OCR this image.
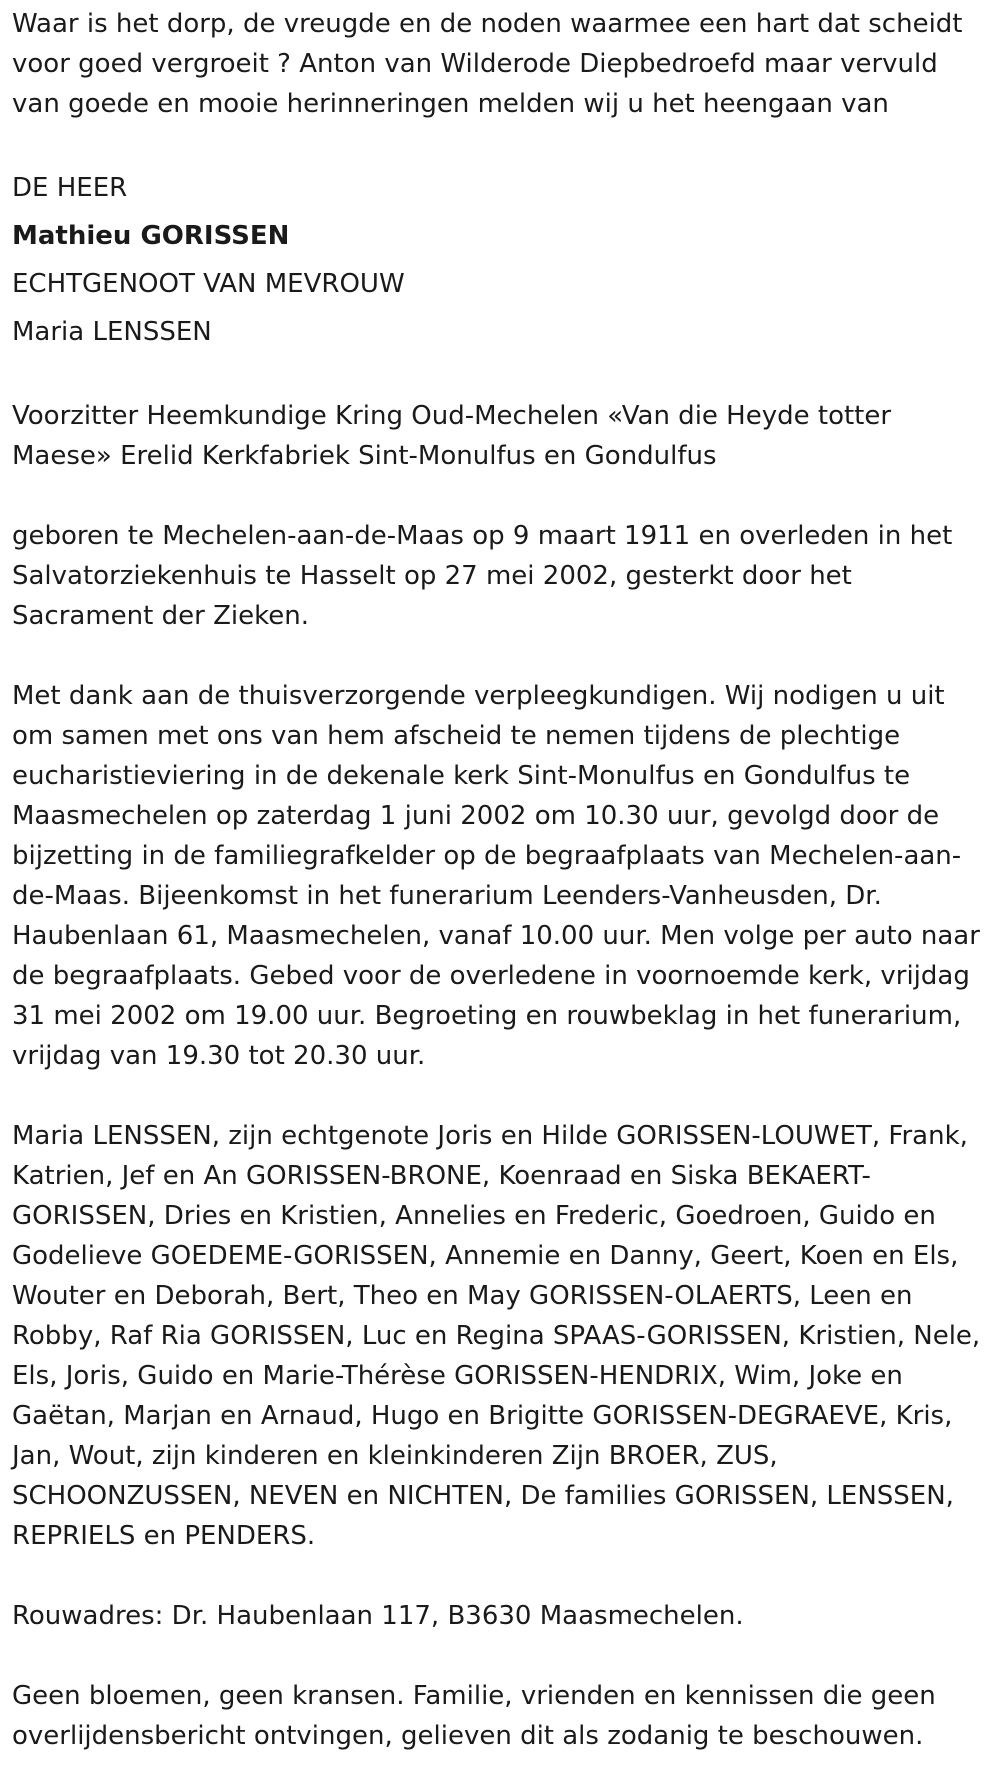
Waar is het dorp, de vreugde en de noden waarmee een hart dat scheidt voor goed vergroeit ? Anton van Wilderode Diepbedroefd maar vervuld van goede en mooie herinneringen melden wij u het heengaan van

DE HEER

Mathieu GORISSEN

ECHTGENOOT VAN MEVROUW

Maria LENSSEN

Voorzitter Heemkundige Kring Oud-Mechelen «Van die Heyde totter Maese» Erelid Kerkfabriek Sint-Monulfus en Gondulfus

geboren te Mechelen-aan-de-Maas op 9 maart 1911 en overleden in het Salvatorziekenhuis te Hasselt op 27 mei 2002, gesterkt door het Sacrament der Zieken.

Met dank aan de thuisverzorgende verpleegkundigen. Wij nodigen u uit om samen met ons van hem afscheid te nemen tijdens de plechtige eucharistieviering in de dekenale kerk Sint-Monulfus en Gondulfus te Maasmechelen op zaterdag 1 juni 2002 om 10.30 uur, gevolgd door de bijzetting in de familiegrafkelder op de begraafplaats van Mechelen-aan-de-Maas. Bijeenkomst in het funerarium Leenders-Vanheusden, Dr. Haubenlaan 61, Maasmechelen, vanaf 10.00 uur. Men volge per auto naar de begraafplaats. Gebed voor de overledene in voornoemde kerk, vrijdag 31 mei 2002 om 19.00 uur. Begroeting en rouwbeklag in het funerarium, vrijdag van 19.30 tot 20.30 uur.

Maria LENSSEN, zijn echtgenote Joris en Hilde GORISSEN-LOUWET, Frank, Katrien, Jef en An GORISSEN-BRONE, Koenraad en Siska BEKAERT-GORISSEN, Dries en Kristien, Annelies en Frederic, Goedroen, Guido en Godelieve GOEDEME-GORISSEN, Annemie en Danny, Geert, Koen en Els, Wouter en Deborah, Bert, Theo en May GORISSEN-OLAERTS, Leen en Robby, Raf Ria GORISSEN, Luc en Regina SPAAS-GORISSEN, Kristien, Nele, Els, Joris, Guido en Marie-Thérèse GORISSEN-HENDRIX, Wim, Joke en Gaëtan, Marjan en Arnaud, Hugo en Brigitte GORISSEN-DEGRAEVE, Kris, Jan, Wout, zijn kinderen en kleinkinderen Zijn BROER, ZUS, SCHOONZUSSEN, NEVEN en NICHTEN, De families GORISSEN, LENSSEN, REPRIELS en PENDERS.

Rouwadres: Dr. Haubenlaan 117, B3630 Maasmechelen.

Geen bloemen, geen kransen. Familie, vrienden en kennissen die geen overlijdensbericht ontvingen, gelieven dit als zodanig te beschouwen.
